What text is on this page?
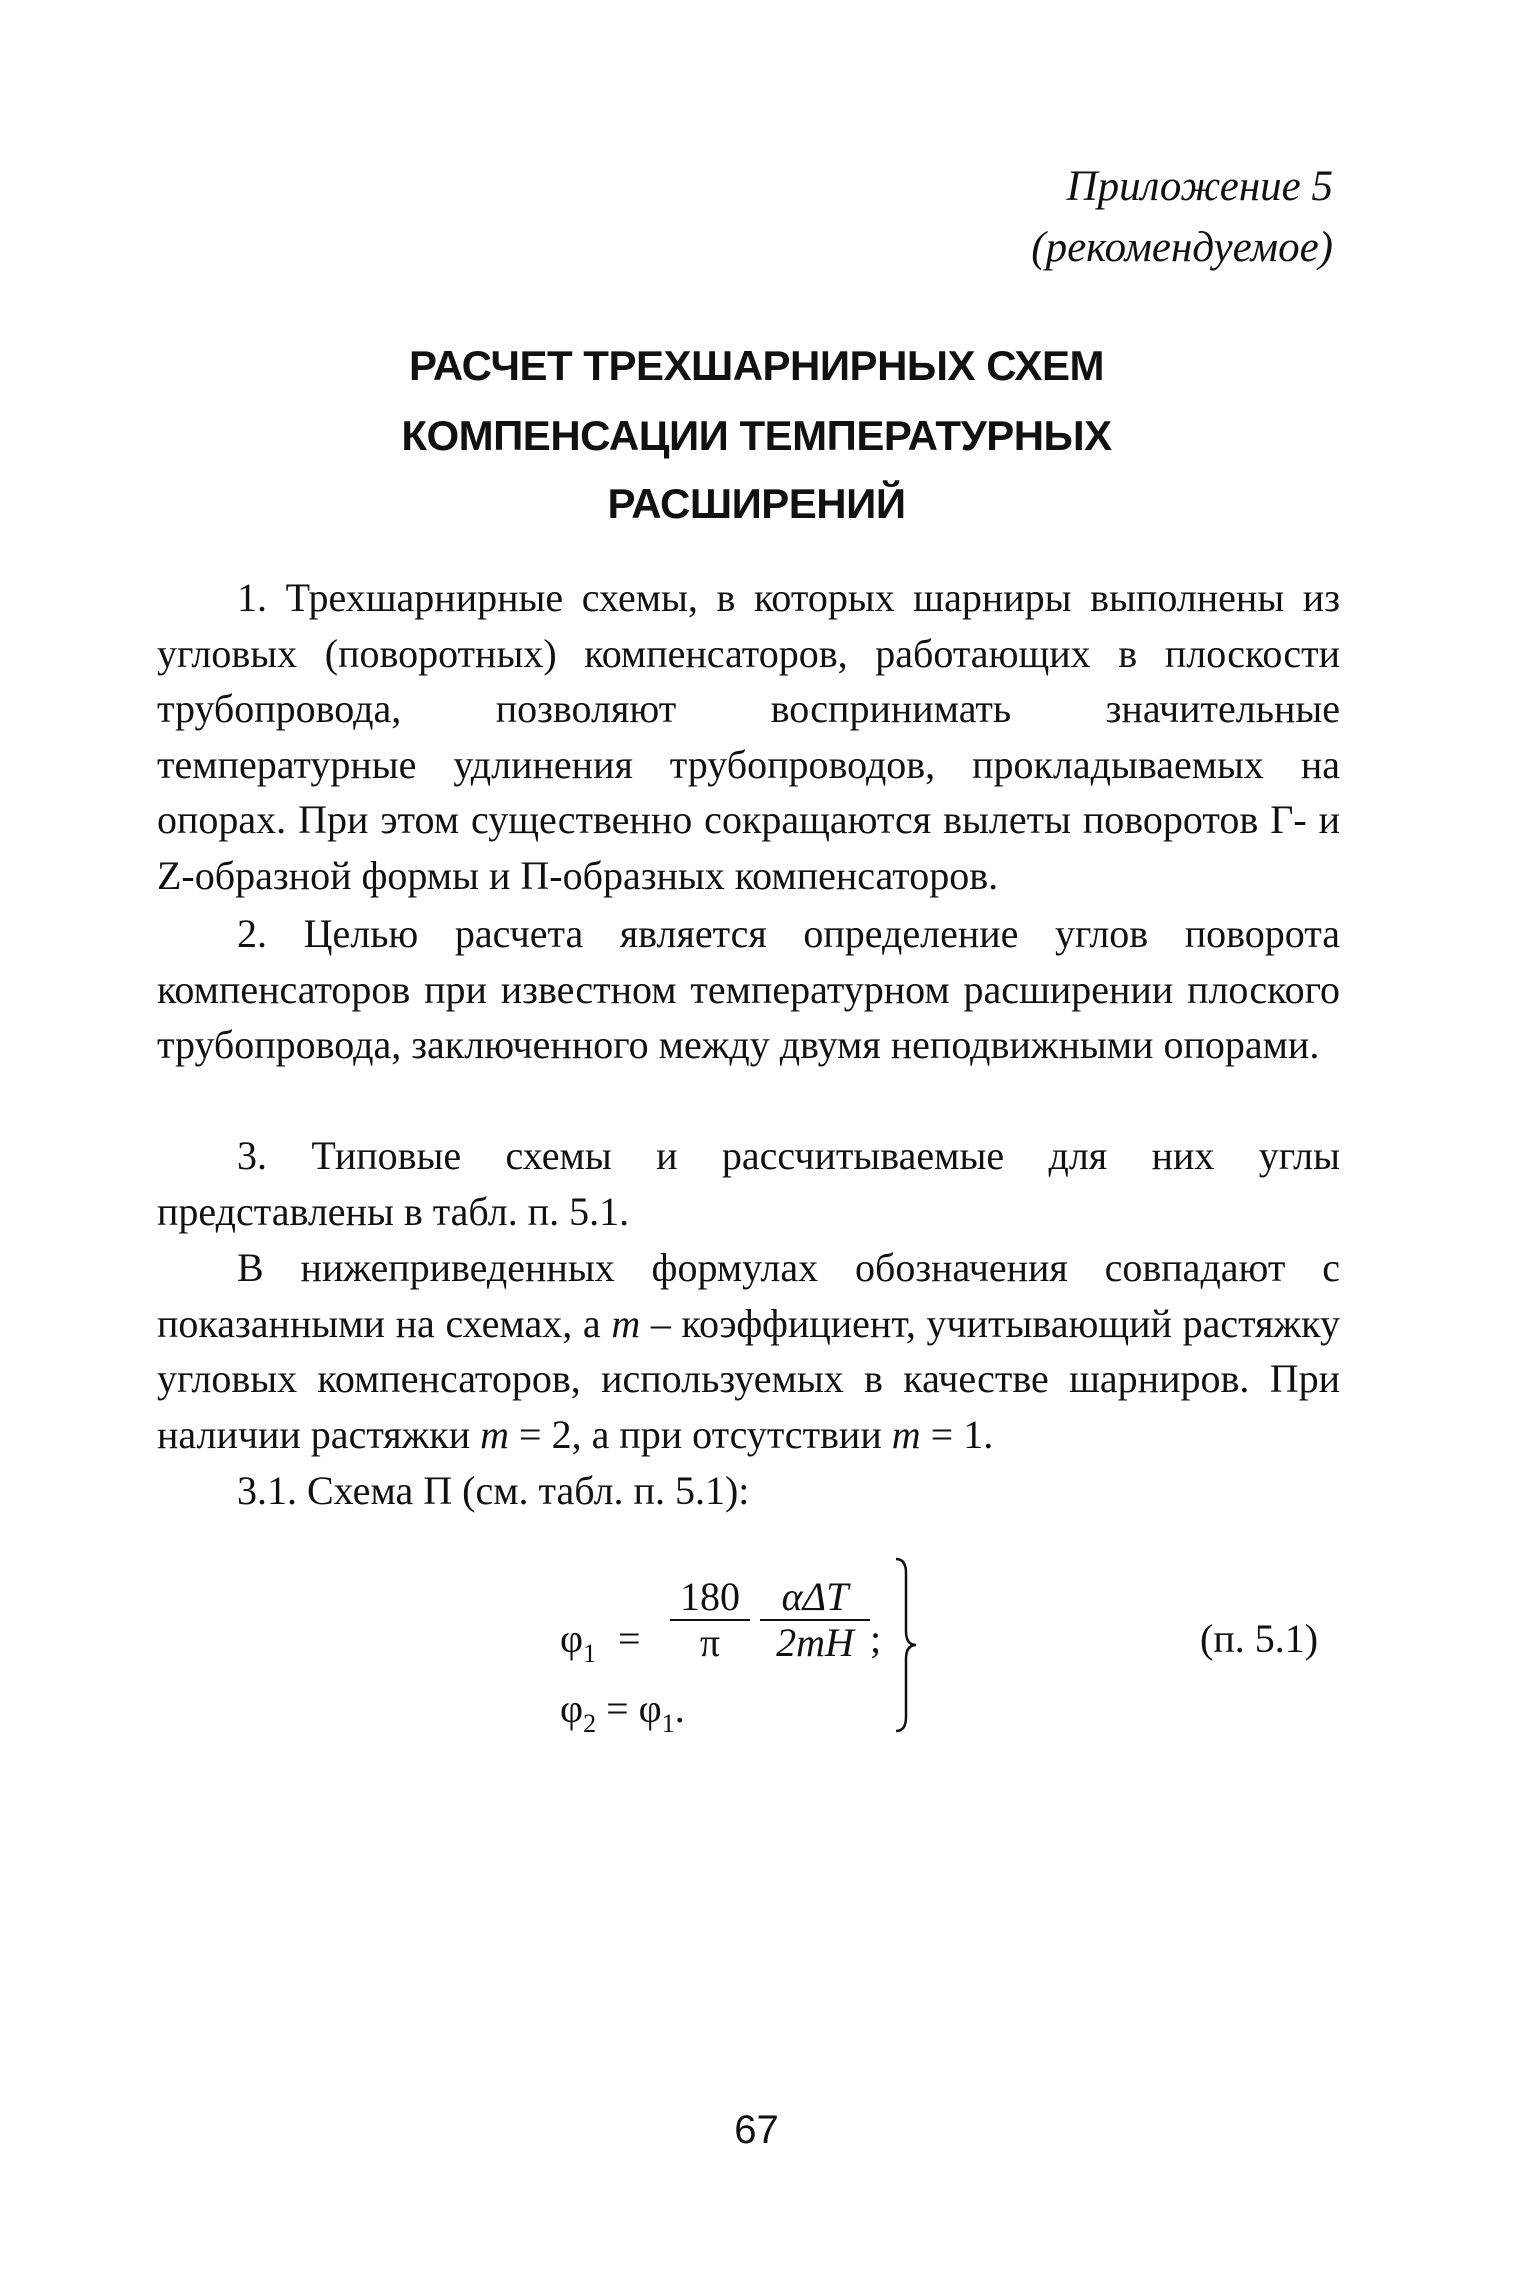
Приложение 5
(рекомендуемое)
РАСЧЕТ ТРЕХШАРНИРНЫХ СХЕМ
КОМПЕНСАЦИИ ТЕМПЕРАТУРНЫХ
РАСШИРЕНИЙ

1. Трехшарнирные схемы, в которых шарниры выполнены из угловых (поворотных) компенсаторов, работающих в плоскости трубопровода, позволяют воспринимать значительные температурные удлинения трубопроводов, прокладываемых на опорах. При этом существенно сокращаются вылеты поворотов Г- и Z-образной формы и П-образных компенсаторов.

2. Целью расчета является определение углов поворота компенсаторов при известном температурном расширении плоского трубопровода, заключенного между двумя неподвижными опорами.

3. Типовые схемы и рассчитываемые для них углы представлены в табл. п. 5.1.

В нижеприведенных формулах обозначения совпадают с показанными на схемах, а m – коэффициент, учитывающий растяжку угловых компенсаторов, используемых в качестве шарниров. При наличии растяжки m = 2, а при отсутствии m = 1.

3.1. Схема П (см. табл. п. 5.1):

$\varphi_1$ =
180
π
αΔT
2mH ;
$\varphi_2 = \varphi_1$.
(п. 5.1)
67
